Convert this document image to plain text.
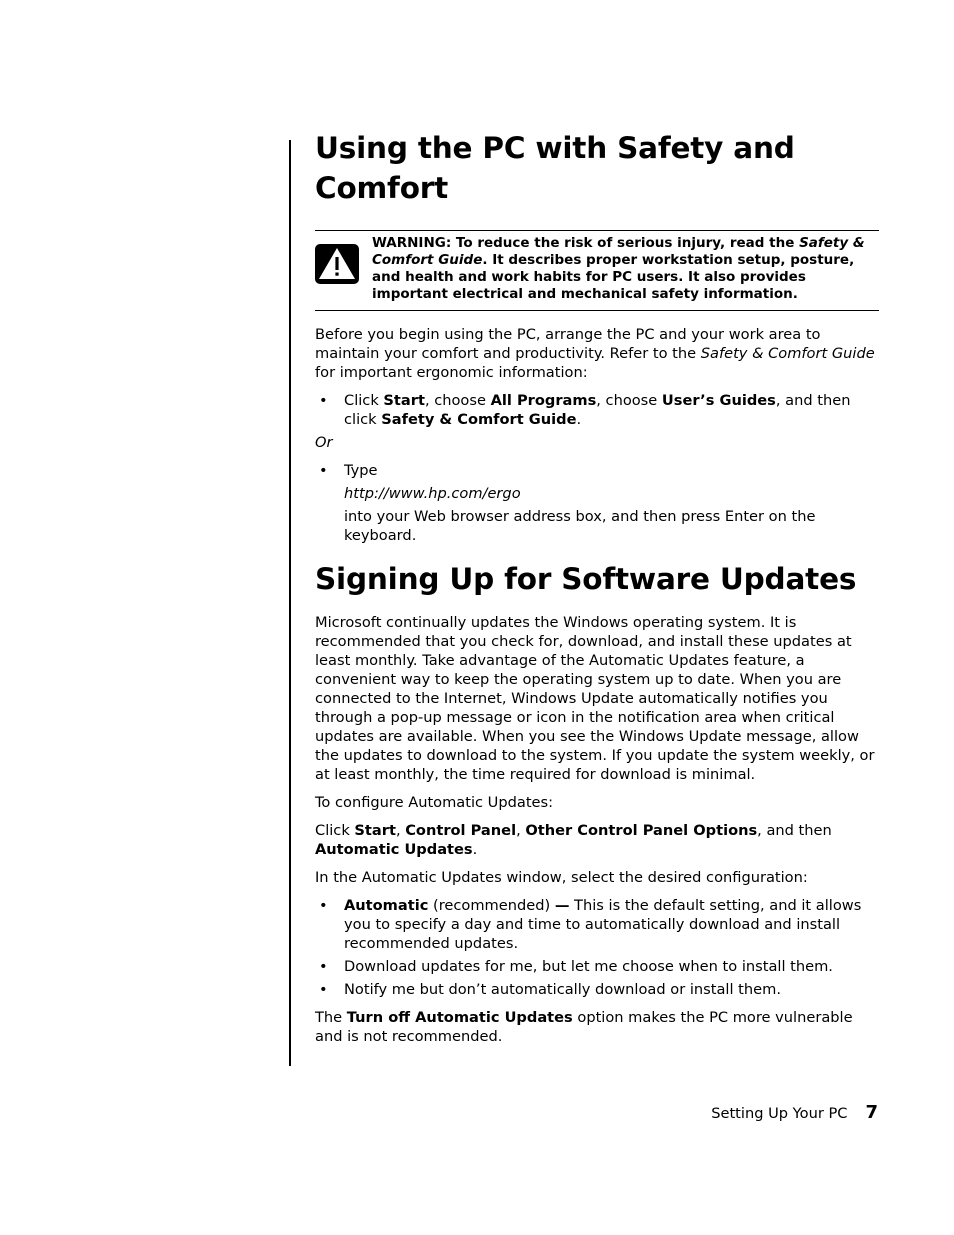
Using the PC with Safety and Comfort
WARNING: To reduce the risk of serious injury, read the Safety & Comfort Guide. It describes proper workstation setup, posture, and health and work habits for PC users. It also provides important electrical and mechanical safety information.

Before you begin using the PC, arrange the PC and your work area to maintain your comfort and productivity. Refer to the Safety & Comfort Guide for important ergonomic information:

• Click Start, choose All Programs, choose User’s Guides, and then click Safety & Comfort Guide.

Or

• Type

http://www.hp.com/ergo

into your Web browser address box, and then press Enter on the keyboard.

Signing Up for Software Updates

Microsoft continually updates the Windows operating system. It is recommended that you check for, download, and install these updates at least monthly. Take advantage of the Automatic Updates feature, a convenient way to keep the operating system up to date. When you are connected to the Internet, Windows Update automatically notifies you through a pop-up message or icon in the notification area when critical updates are available. When you see the Windows Update message, allow the updates to download to the system. If you update the system weekly, or at least monthly, the time required for download is minimal.

To configure Automatic Updates:

Click Start, Control Panel, Other Control Panel Options, and then Automatic Updates.

In the Automatic Updates window, select the desired configuration:

• Automatic (recommended) — This is the default setting, and it allows you to specify a day and time to automatically download and install recommended updates.
• Download updates for me, but let me choose when to install them.
• Notify me but don’t automatically download or install them.

The Turn off Automatic Updates option makes the PC more vulnerable and is not recommended.

Setting Up Your PC 7
